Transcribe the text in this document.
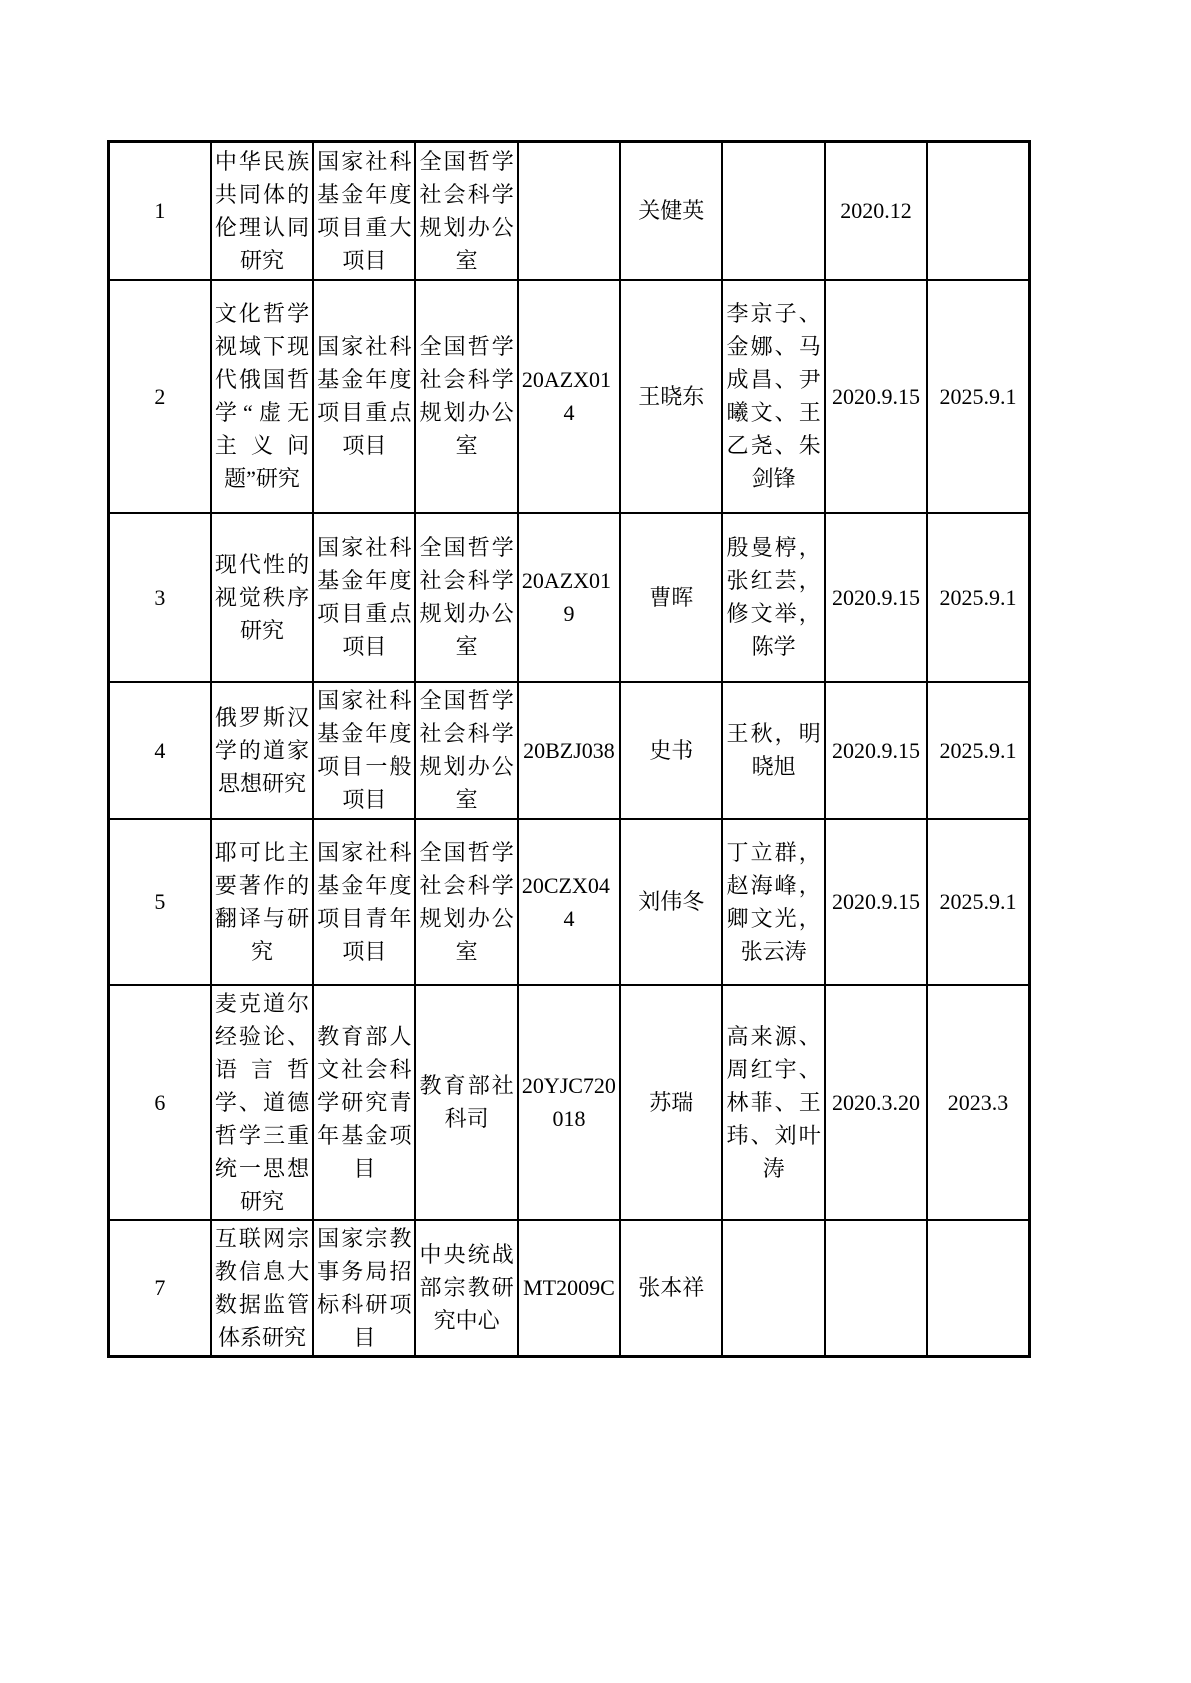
1	中华民族共同体的伦理认同研究	国家社科基金年度项目重大项目	全国哲学社会科学规划办公室		关健英		2020.12	
2	文化哲学视域下现代俄国哲学“虚无主义问题”研究	国家社科基金年度项目重点项目	全国哲学社会科学规划办公室	20AZX014	王晓东	李京子、金娜、马成昌、尹曦文、王乙尧、朱剑锋	2020.9.15	2025.9.1
3	现代性的视觉秩序研究	国家社科基金年度项目重点项目	全国哲学社会科学规划办公室	20AZX019	曹晖	殷曼楟，张红芸，修文举，陈学	2020.9.15	2025.9.1
4	俄罗斯汉学的道家思想研究	国家社科基金年度项目一般项目	全国哲学社会科学规划办公室	20BZJ038	史书	王秋，明晓旭	2020.9.15	2025.9.1
5	耶可比主要著作的翻译与研究	国家社科基金年度项目青年项目	全国哲学社会科学规划办公室	20CZX044	刘伟冬	丁立群，赵海峰，卿文光，张云涛	2020.9.15	2025.9.1
6	麦克道尔经验论、语言哲学、道德哲学三重统一思想研究	教育部人文社会科学研究青年基金项目	教育部社科司	20YJC720018	苏瑞	高来源、周红宇、林菲、王玮、刘叶涛	2020.3.20	2023.3
7	互联网宗教信息大数据监管体系研究	国家宗教事务局招标科研项目	中央统战部宗教研究中心	MT2009C	张本祥			
